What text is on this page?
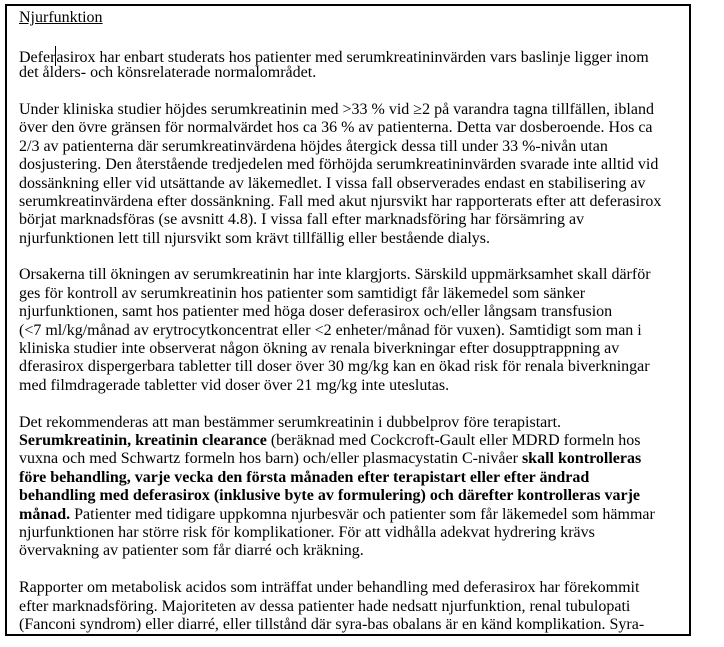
Njurfunktion
Deferasirox har enbart studerats hos patienter med serumkreatininvärden vars baslinje ligger inom
det ålders- och könsrelaterade normalområdet.
Under kliniska studier höjdes serumkreatinin med >33 % vid ≥2 på varandra tagna tillfällen, ibland
över den övre gränsen för normalvärdet hos ca 36 % av patienterna. Detta var dosberoende. Hos ca
2/3 av patienterna där serumkreatinvärdena höjdes återgick dessa till under 33 %-nivån utan
dosjustering. Den återstående tredjedelen med förhöjda serumkreatininvärden svarade inte alltid vid
dossänkning eller vid utsättande av läkemedlet. I vissa fall observerades endast en stabilisering av
serumkreatinvärdena efter dossänkning. Fall med akut njursvikt har rapporterats efter att deferasirox
börjat marknadsföras (se avsnitt 4.8). I vissa fall efter marknadsföring har försämring av
njurfunktionen lett till njursvikt som krävt tillfällig eller bestående dialys.
Orsakerna till ökningen av serumkreatinin har inte klargjorts. Särskild uppmärksamhet skall därför
ges för kontroll av serumkreatinin hos patienter som samtidigt får läkemedel som sänker
njurfunktionen, samt hos patienter med höga doser deferasirox och/eller långsam transfusion
(<7 ml/kg/månad av erytrocytkoncentrat eller <2 enheter/månad för vuxen). Samtidigt som man i
kliniska studier inte observerat någon ökning av renala biverkningar efter dosupptrappning av
dferasirox dispergerbara tabletter till doser över 30 mg/kg kan en ökad risk för renala biverkningar
med filmdragerade tabletter vid doser över 21 mg/kg inte uteslutas.
Det rekommenderas att man bestämmer serumkreatinin i dubbelprov före terapistart.
Serumkreatinin, kreatinin clearance (beräknad med Cockcroft-Gault eller MDRD formeln hos
vuxna och med Schwartz formeln hos barn) och/eller plasmacystatin C-nivåer skall kontrolleras
före behandling, varje vecka den första månaden efter terapistart eller efter ändrad
behandling med deferasirox (inklusive byte av formulering) och därefter kontrolleras varje
månad. Patienter med tidigare uppkomna njurbesvär och patienter som får läkemedel som hämmar
njurfunktionen har större risk för komplikationer. För att vidhålla adekvat hydrering krävs
övervakning av patienter som får diarré och kräkning.
Rapporter om metabolisk acidos som inträffat under behandling med deferasirox har förekommit
efter marknadsföring. Majoriteten av dessa patienter hade nedsatt njurfunktion, renal tubulopati
(Fanconi syndrom) eller diarré, eller tillstånd där syra-bas obalans är en känd komplikation. Syra-
